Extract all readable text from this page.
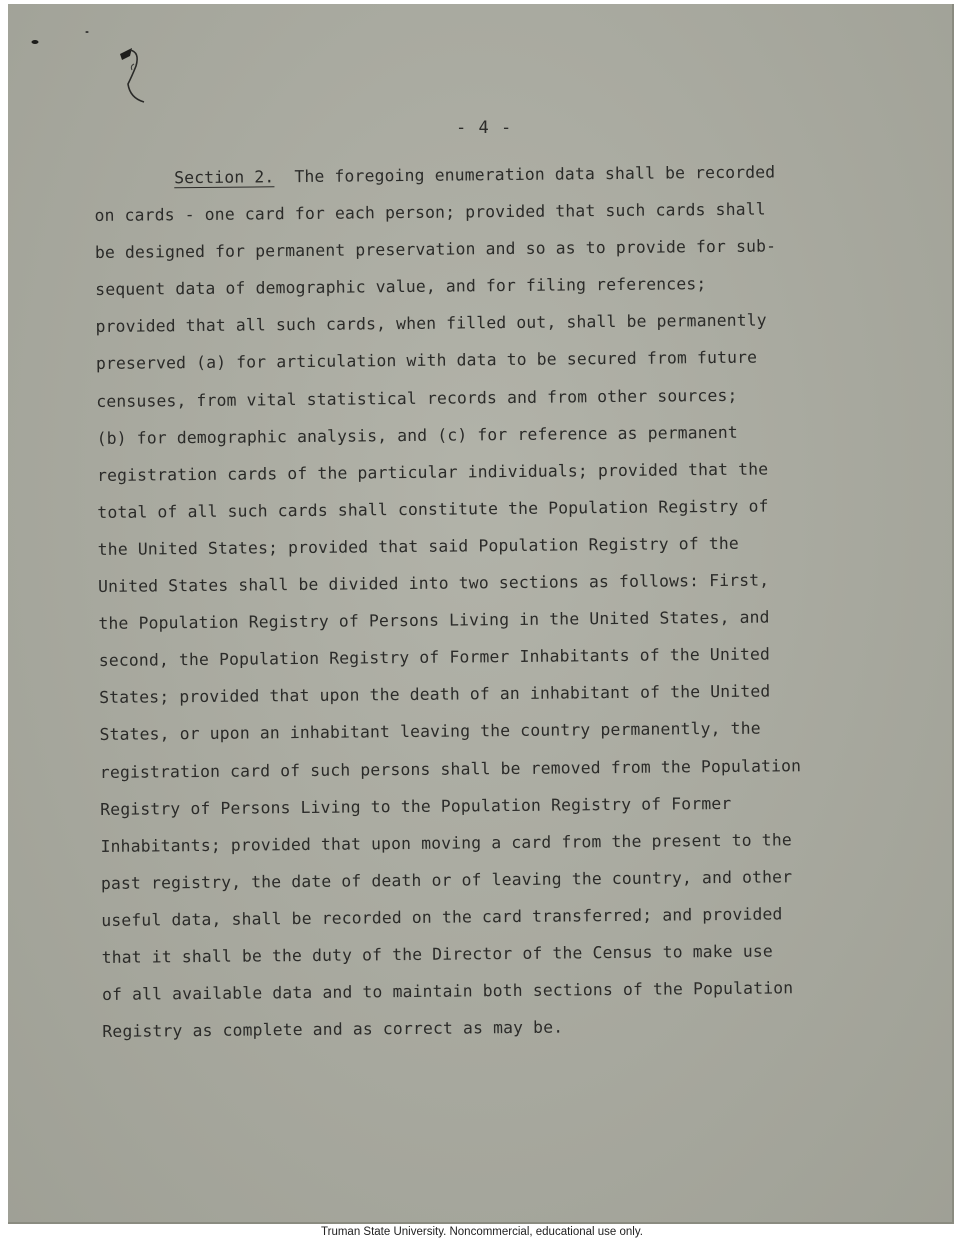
- 4 -
Section 2. The foregoing enumeration data shall be recorded
on cards - one card for each person; provided that such cards shall
be designed for permanent preservation and so as to provide for sub-
sequent data of demographic value, and for filing references;
provided that all such cards, when filled out, shall be permanently
preserved (a) for articulation with data to be secured from future
censuses, from vital statistical records and from other sources;
(b) for demographic analysis, and (c) for reference as permanent
registration cards of the particular individuals; provided that the
total of all such cards shall constitute the Population Registry of
the United States; provided that said Population Registry of the
United States shall be divided into two sections as follows: First,
the Population Registry of Persons Living in the United States, and
second, the Population Registry of Former Inhabitants of the United
States; provided that upon the death of an inhabitant of the United
States, or upon an inhabitant leaving the country permanently, the
registration card of such persons shall be removed from the Population
Registry of Persons Living to the Population Registry of Former
Inhabitants; provided that upon moving a card from the present to the
past registry, the date of death or of leaving the country, and other
useful data, shall be recorded on the card transferred; and provided
that it shall be the duty of the Director of the Census to make use
of all available data and to maintain both sections of the Population
Registry as complete and as correct as may be.
Truman State University. Noncommercial, educational use only.
